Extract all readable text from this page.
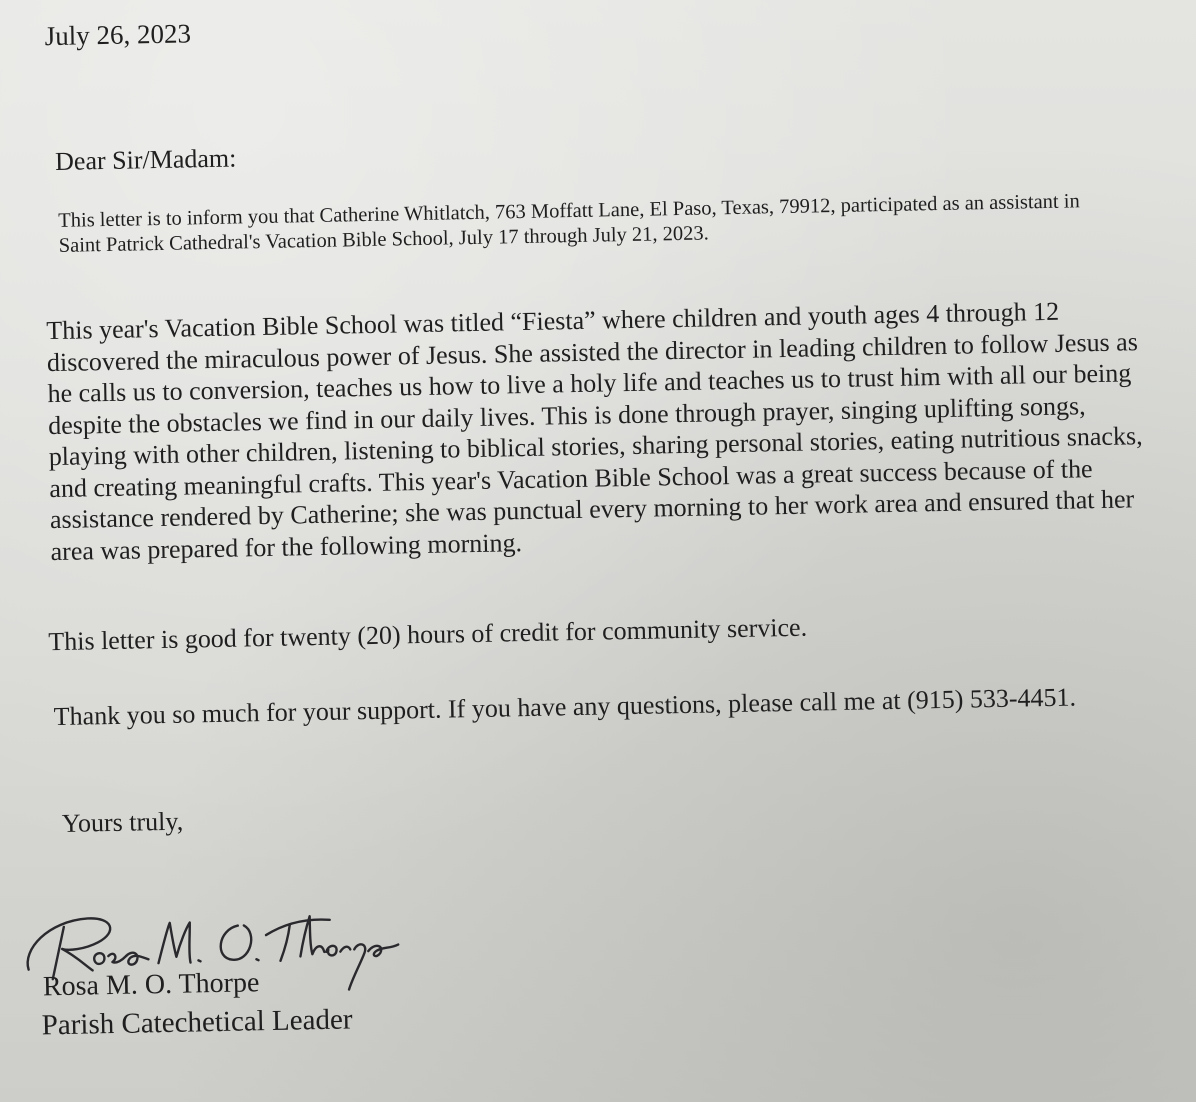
July 26, 2023
Dear Sir/Madam:

This letter is to inform you that Catherine Whitlatch, 763 Moffatt Lane, El Paso, Texas, 79912, participated as an assistant in Saint Patrick Cathedral's Vacation Bible School, July 17 through July 21, 2023.

This year's Vacation Bible School was titled “Fiesta” where children and youth ages 4 through 12 discovered the miraculous power of Jesus. She assisted the director in leading children to follow Jesus as he calls us to conversion, teaches us how to live a holy life and teaches us to trust him with all our being despite the obstacles we find in our daily lives. This is done through prayer, singing uplifting songs, playing with other children, listening to biblical stories, sharing personal stories, eating nutritious snacks, and creating meaningful crafts. This year's Vacation Bible School was a great success because of the assistance rendered by Catherine; she was punctual every morning to her work area and ensured that her area was prepared for the following morning.

This letter is good for twenty (20) hours of credit for community service.

Thank you so much for your support. If you have any questions, please call me at (915) 533-4451.

Yours truly,
Rosa M. O. Thorpe
Rosa M. O. Thorpe
Parish Catechetical Leader
